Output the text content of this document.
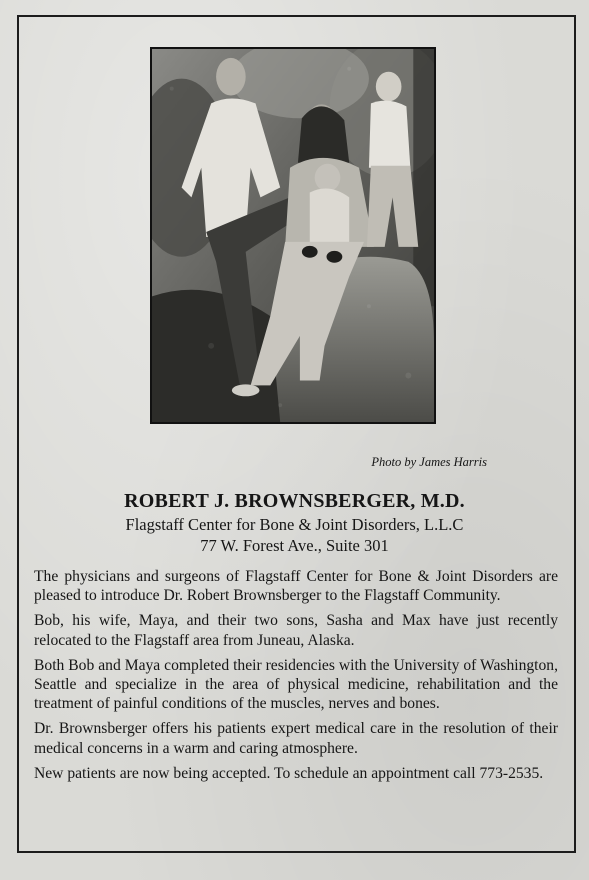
Photo by James Harris
ROBERT J. BROWNSBERGER, M.D.
Flagstaff Center for Bone & Joint Disorders, L.L.C
77 W. Forest Ave., Suite 301

The physicians and surgeons of Flagstaff Center for Bone & Joint Disorders are pleased to introduce Dr. Robert Brownsberger to the Flagstaff Community.

Bob, his wife, Maya, and their two sons, Sasha and Max have just recently relocated to the Flagstaff area from Juneau, Alaska.

Both Bob and Maya completed their residencies with the University of Washington, Seattle and specialize in the area of physical medicine, rehabilitation and the treatment of painful conditions of the muscles, nerves and bones.

Dr. Brownsberger offers his patients expert medical care in the resolution of their medical concerns in a warm and caring atmosphere.

New patients are now being accepted. To schedule an appointment call 773-2535.
